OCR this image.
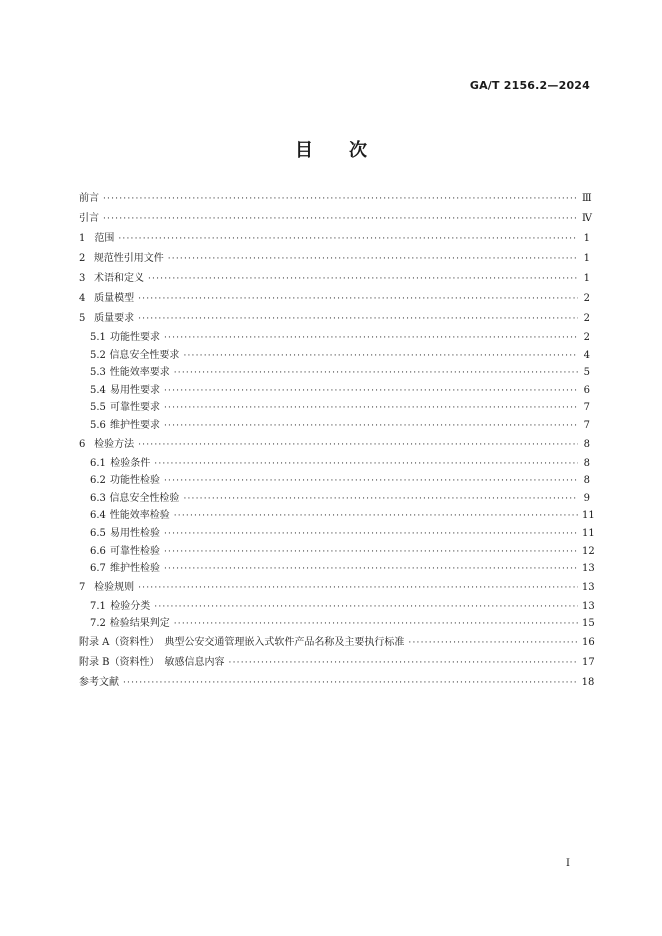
GA/T 2156.2—2024
目 次
前言 ·····	Ⅲ
引言 ·····	Ⅳ
1 范围 ·····	1
2 规范性引用文件 ·····	1
3 术语和定义 ·····	1
4 质量模型 ·····	2
5 质量要求 ·····	2
5.1 功能性要求 ·····	2
5.2 信息安全性要求 ·····	4
5.3 性能效率要求 ·····	5
5.4 易用性要求 ·····	6
5.5 可靠性要求 ·····	7
5.6 维护性要求 ·····	7
6 检验方法 ·····	8
6.1 检验条件 ·····	8
6.2 功能性检验 ·····	8
6.3 信息安全性检验 ·····	9
6.4 性能效率检验 ·····	11
6.5 易用性检验 ·····	11
6.6 可靠性检验 ·····	12
6.7 维护性检验 ·····	13
7 检验规则 ·····	13
7.1 检验分类 ·····	13
7.2 检验结果判定 ·····	15
附录 A（资料性）　典型公安交通管理嵌入式软件产品名称及主要执行标准 ·····	16
附录 B（资料性）　敏感信息内容 ·····	17
参考文献 ·····	18
I
